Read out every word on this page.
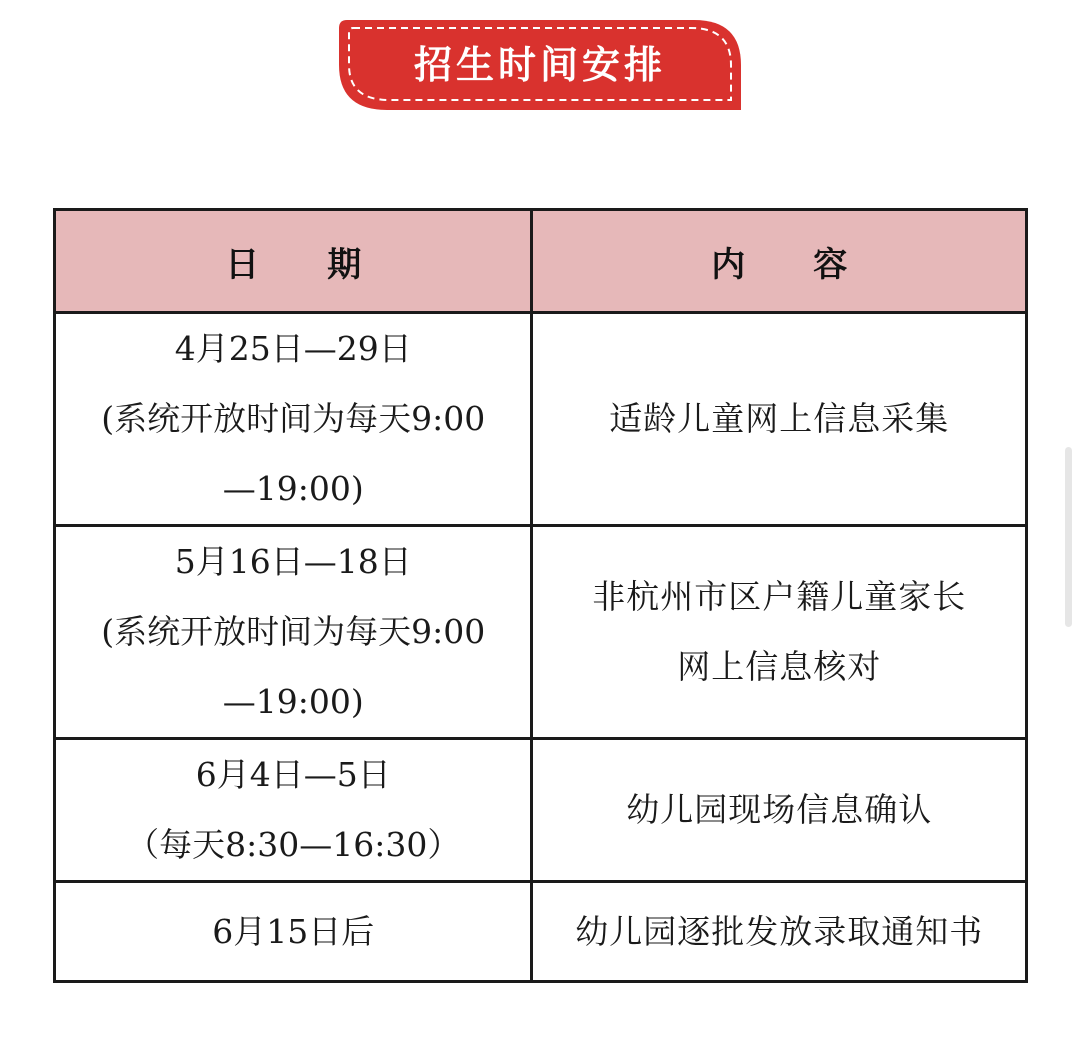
招生时间安排
日　　期	内　　容

4月25日—29日
(系统开放时间为每天9:00
—19:00)	适龄儿童网上信息采集

5月16日—18日
(系统开放时间为每天9:00
—19:00)	非杭州市区户籍儿童家长
网上信息核对

6月4日—5日
（每天8:30—16:30）	幼儿园现场信息确认

6月15日后	幼儿园逐批发放录取通知书
